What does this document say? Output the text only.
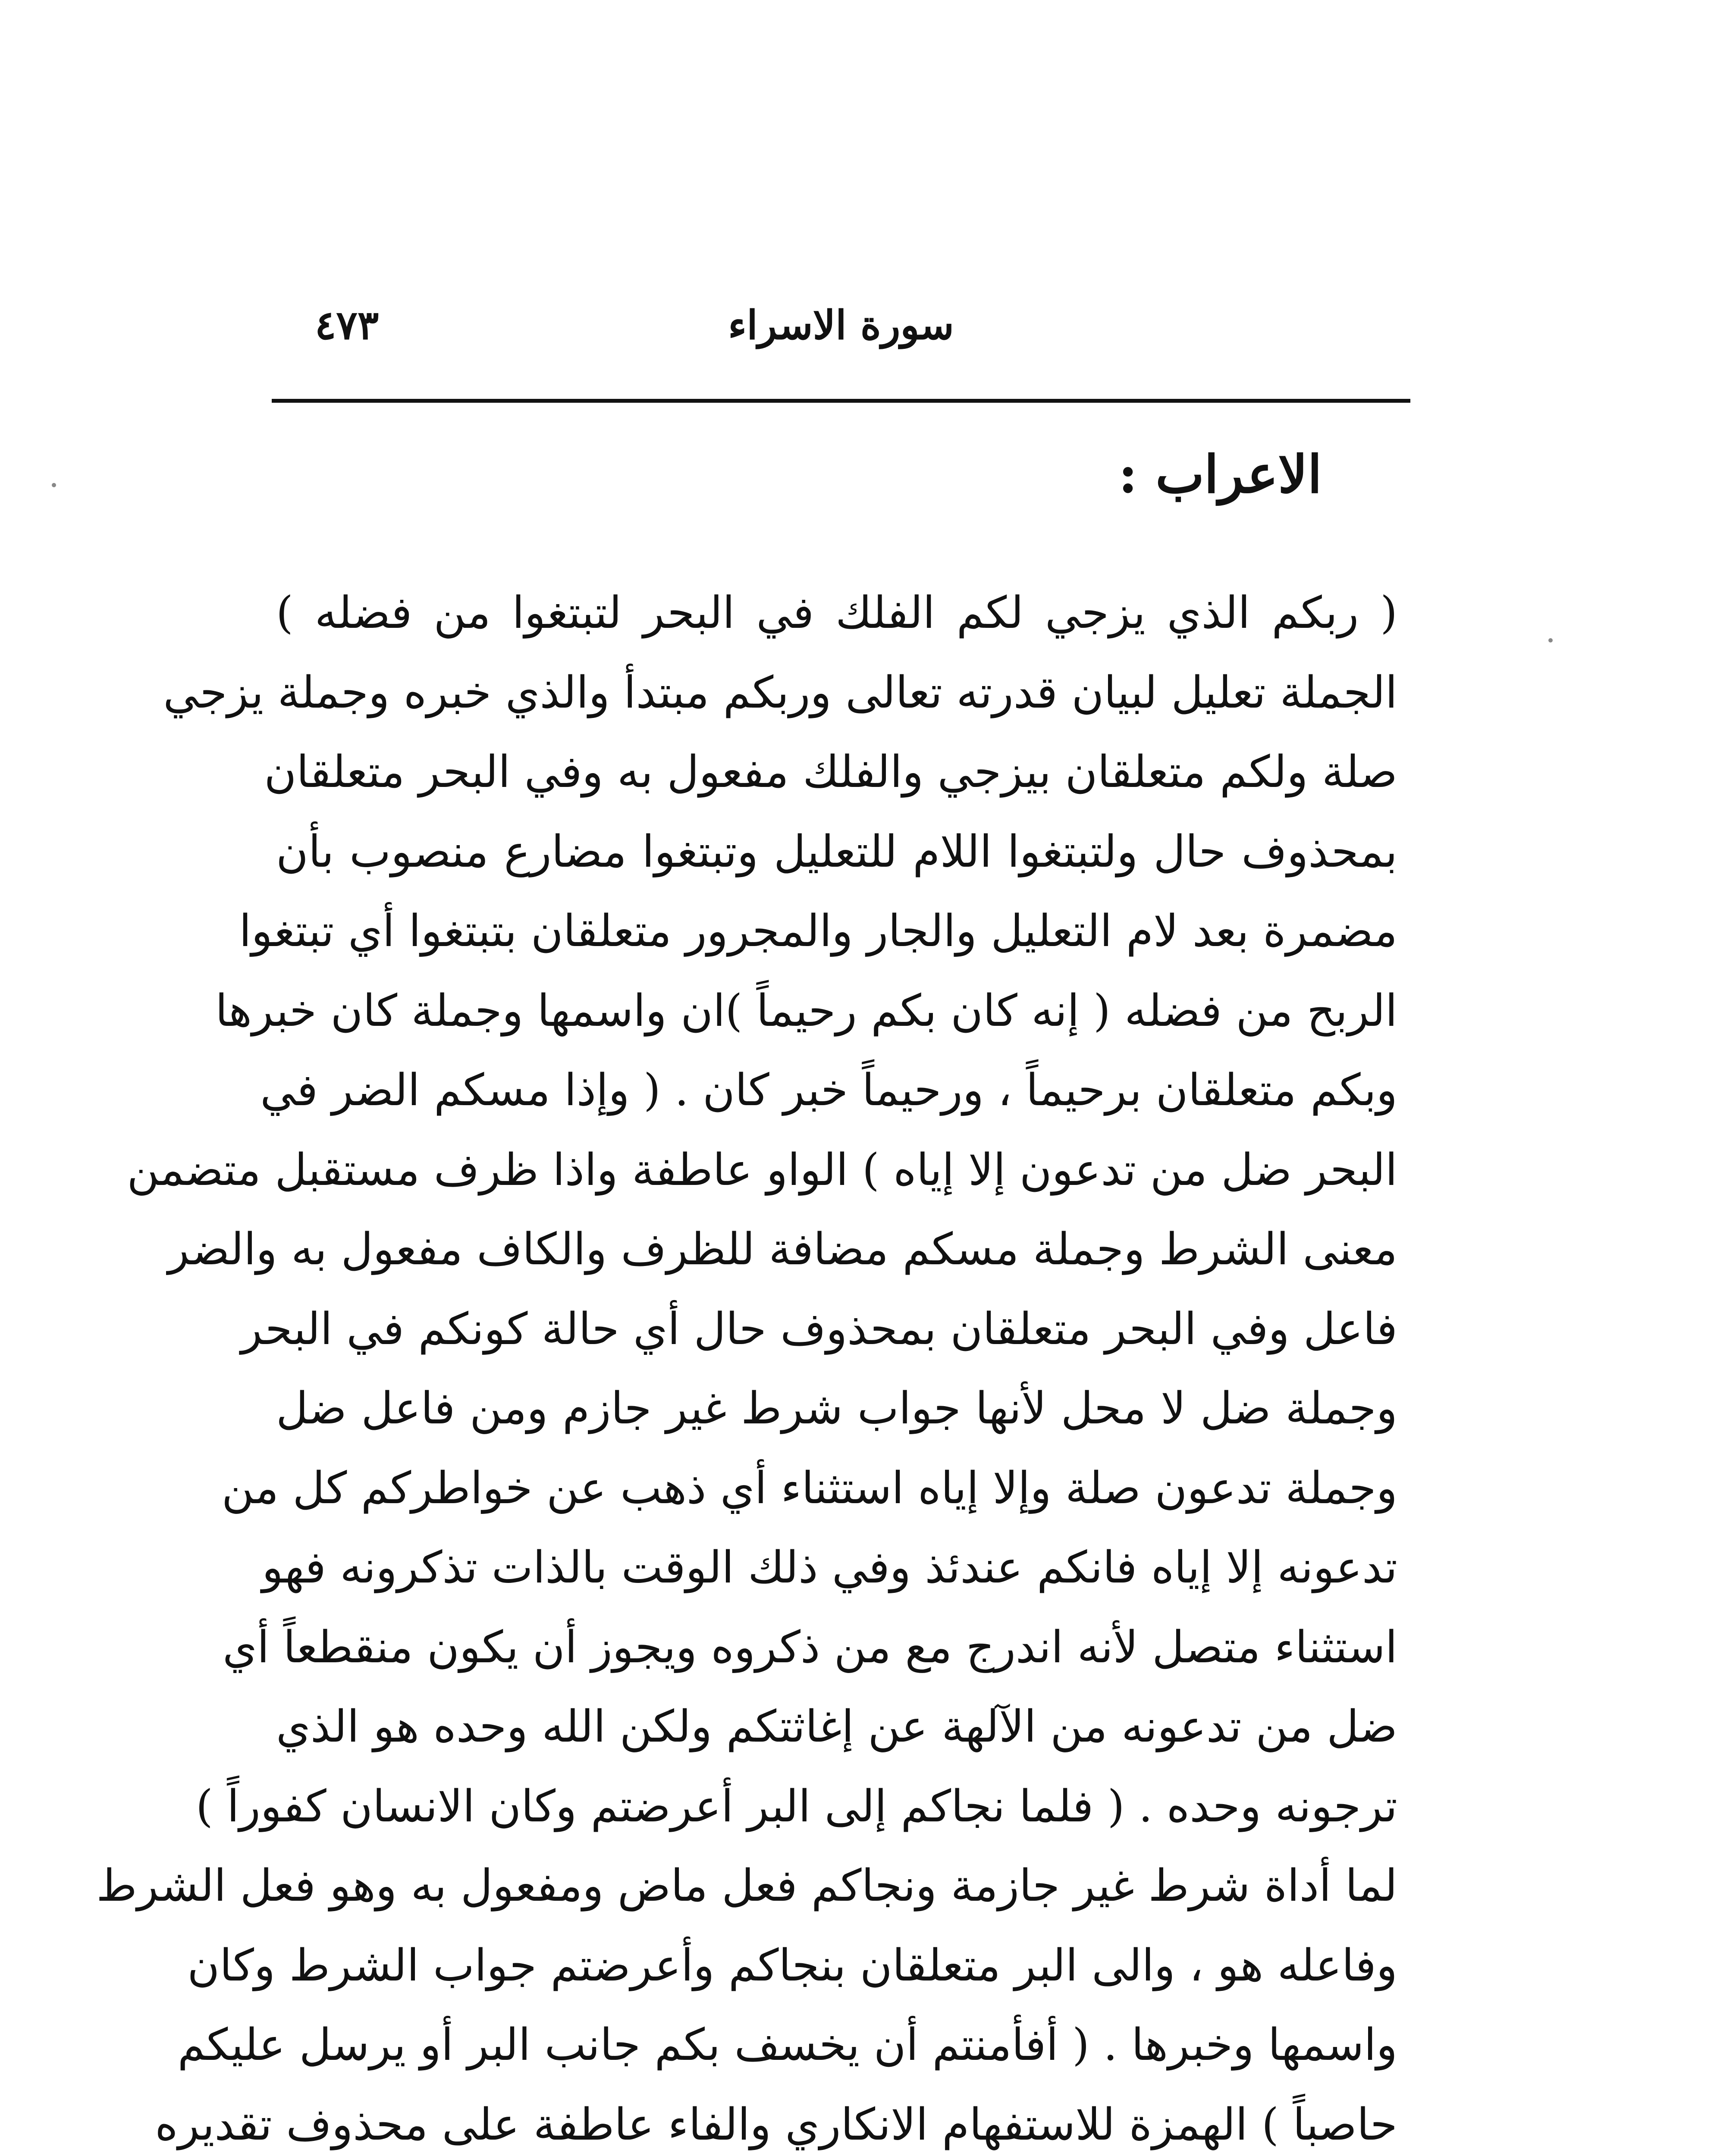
سورة الاسراء
٤٧٣
الاعراب :
( ربكم الذي يزجي لكم الفلك في البحر لتبتغوا من فضله )
الجملة تعليل لبيان قدرته تعالى وربكم مبتدأ والذي خبره وجملة يزجي
صلة ولكم متعلقان بيزجي والفلك مفعول به وفي البحر متعلقان
بمحذوف حال ولتبتغوا اللام للتعليل وتبتغوا مضارع منصوب بأن
مضمرة بعد لام التعليل والجار والمجرور متعلقان بتبتغوا أي تبتغوا
الربح من فضله ( إنه كان بكم رحيماً )ان واسمها وجملة كان خبرها
وبكم متعلقان برحيماً ، ورحيماً خبر كان . ( وإذا مسكم الضر في
البحر ضل من تدعون إلا إياه ) الواو عاطفة واذا ظرف مستقبل متضمن
معنى الشرط وجملة مسكم مضافة للظرف والكاف مفعول به والضر
فاعل وفي البحر متعلقان بمحذوف حال أي حالة كونكم في البحر
وجملة ضل لا محل لأنها جواب شرط غير جازم ومن فاعل ضل
وجملة تدعون صلة وإلا إياه استثناء أي ذهب عن خواطركم كل من
تدعونه إلا إياه فانكم عندئذ وفي ذلك الوقت بالذات تذكرونه فهو
استثناء متصل لأنه اندرج مع من ذكروه ويجوز أن يكون منقطعاً أي
ضل من تدعونه من الآلهة عن إغاثتكم ولكن الله وحده هو الذي
ترجونه وحده . ( فلما نجاكم إلى البر أعرضتم وكان الانسان كفوراً )
لما أداة شرط غير جازمة ونجاكم فعل ماض ومفعول به وهو فعل الشرط
وفاعله هو ، والى البر متعلقان بنجاكم وأعرضتم جواب الشرط وكان
واسمها وخبرها . ( أفأمنتم أن يخسف بكم جانب البر أو يرسل عليكم
حاصباً ) الهمزة للاستفهام الانكاري والفاء عاطفة على محذوف تقديره
